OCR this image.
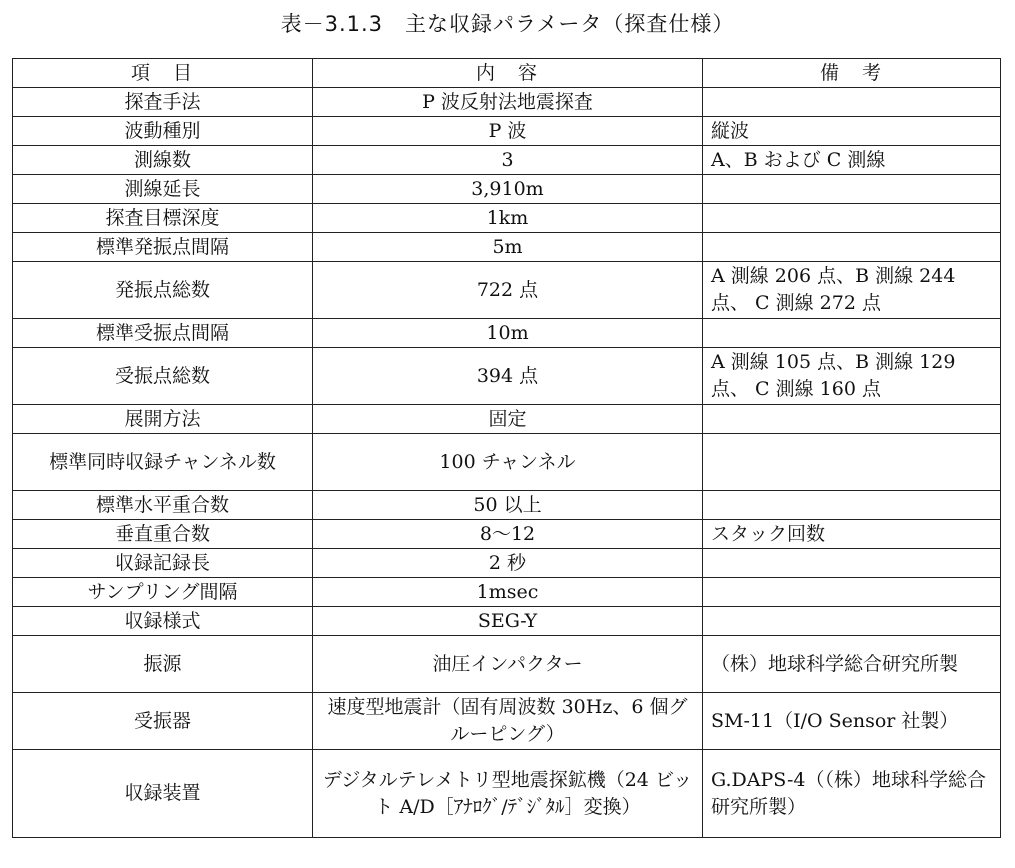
表－3.1.3　主な収録パラメータ（探査仕様）
項　目	内　容	備　考
探査手法	P 波反射法地震探査	
波動種別	P 波	縦波
測線数	3	A、B および C 測線
測線延長	3,910m	
探査目標深度	1km	
標準発振点間隔	5m	
発振点総数	722 点	A 測線 206 点、B 測線 244 点、 C 測線 272 点
標準受振点間隔	10m	
受振点総数	394 点	A 測線 105 点、B 測線 129 点、 C 測線 160 点
展開方法	固定	
標準同時収録チャンネル数	100 チャンネル	
標準水平重合数	50 以上	
垂直重合数	8～12	スタック回数
収録記録長	2 秒	
サンプリング間隔	1msec	
収録様式	SEG-Y	
振源	油圧インパクター	（株）地球科学総合研究所製
受振器	速度型地震計（固有周波数 30Hz、6 個グルーピング）	SM-11（I/O Sensor 社製）
収録装置	デジタルテレメトリ型地震探鉱機（24 ビット A/D［ｱﾅﾛｸﾞ/ﾃﾞｼﾞﾀﾙ］変換）	G.DAPS-4（（株）地球科学総合研究所製）
